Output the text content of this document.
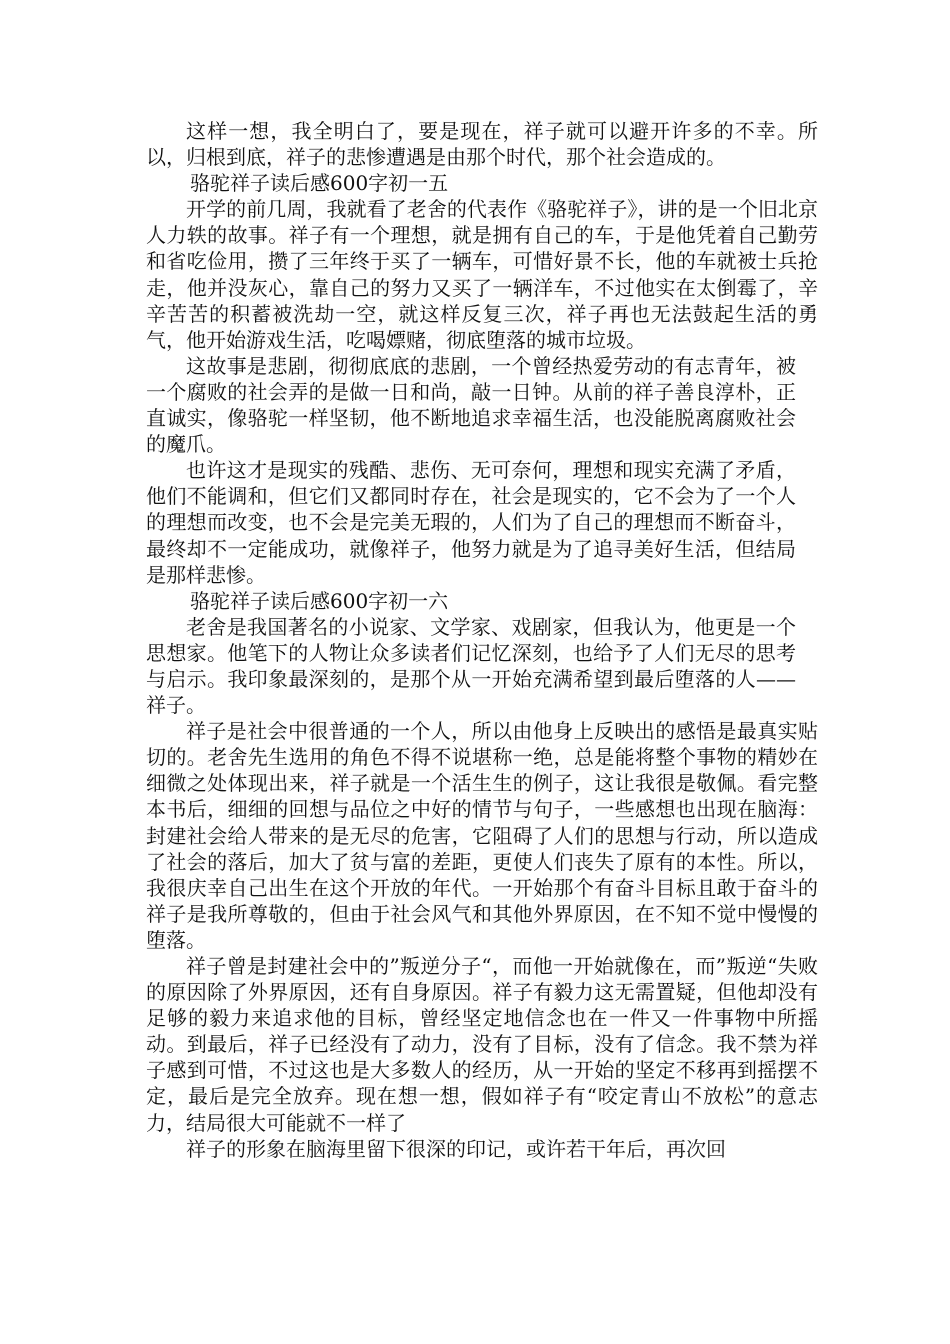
这样一想，我全明白了，要是现在，祥子就可以避开许多的不幸。所以，归根到底，祥子的悲惨遭遇是由那个时代，那个社会造成的。

骆驼祥子读后感600字初一五

开学的前几周，我就看了老舍的代表作《骆驼祥子》，讲的是一个旧北京人力轶的故事。祥子有一个理想，就是拥有自己的车，于是他凭着自己勤劳和省吃俭用，攒了三年终于买了一辆车，可惜好景不长，他的车就被士兵抢走，他并没灰心，靠自己的努力又买了一辆洋车，不过他实在太倒霉了，辛辛苦苦的积蓄被洗劫一空，就这样反复三次，祥子再也无法鼓起生活的勇气，他开始游戏生活，吃喝嫖赌，彻底堕落的城市垃圾。

这故事是悲剧，彻彻底底的悲剧，一个曾经热爱劳动的有志青年，被一个腐败的社会弄的是做一日和尚，敲一日钟。从前的祥子善良淳朴，正直诚实，像骆驼一样坚韧，他不断地追求幸福生活，也没能脱离腐败社会的魔爪。

也许这才是现实的残酷、悲伤、无可奈何，理想和现实充满了矛盾，他们不能调和，但它们又都同时存在，社会是现实的，它不会为了一个人的理想而改变，也不会是完美无瑕的，人们为了自己的理想而不断奋斗，最终却不一定能成功，就像祥子，他努力就是为了追寻美好生活，但结局是那样悲惨。

骆驼祥子读后感600字初一六

老舍是我国著名的小说家、文学家、戏剧家，但我认为，他更是一个思想家。他笔下的人物让众多读者们记忆深刻，也给予了人们无尽的思考与启示。我印象最深刻的，是那个从一开始充满希望到最后堕落的人——祥子。

祥子是社会中很普通的一个人，所以由他身上反映出的感悟是最真实贴切的。老舍先生选用的角色不得不说堪称一绝，总是能将整个事物的精妙在细微之处体现出来，祥子就是一个活生生的例子，这让我很是敬佩。看完整本书后，细细的回想与品位之中好的情节与句子，一些感想也出现在脑海：封建社会给人带来的是无尽的危害，它阻碍了人们的思想与行动，所以造成了社会的落后，加大了贫与富的差距，更使人们丧失了原有的本性。所以，我很庆幸自己出生在这个开放的年代。一开始那个有奋斗目标且敢于奋斗的祥子是我所尊敬的，但由于社会风气和其他外界原因，在不知不觉中慢慢的堕落。

祥子曾是封建社会中的”叛逆分子“，而他一开始就像在，而”叛逆“失败的原因除了外界原因，还有自身原因。祥子有毅力这无需置疑，但他却没有足够的毅力来追求他的目标，曾经坚定地信念也在一件又一件事物中所摇动。到最后，祥子已经没有了动力，没有了目标，没有了信念。我不禁为祥子感到可惜，不过这也是大多数人的经历，从一开始的坚定不移再到摇摆不定，最后是完全放弃。现在想一想，假如祥子有“咬定青山不放松”的意志力，结局很大可能就不一样了

祥子的形象在脑海里留下很深的印记，或许若干年后，再次回
